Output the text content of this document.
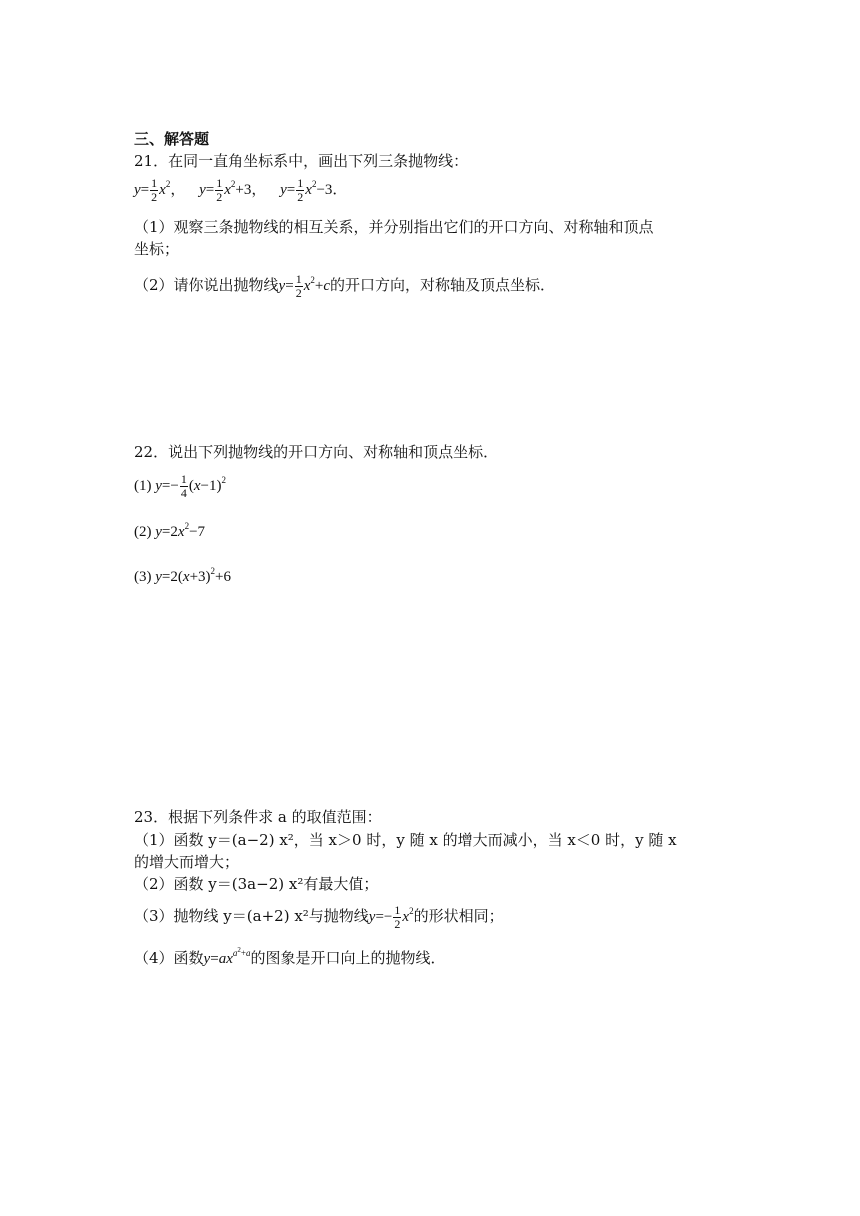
三、解答题
21．在同一直角坐标系中，画出下列三条抛物线：
$y= \frac{1}{2} x^2$， $y= \frac{1}{2} x^2+3$， $y= \frac{1}{2} x^2-3$．
（1）观察三条抛物线的相互关系，并分别指出它们的开口方向、对称轴和顶点
坐标；
（2）请你说出抛物线$y= \frac{1}{2} x^2+c$的开口方向，对称轴及顶点坐标．
22．说出下列抛物线的开口方向、对称轴和顶点坐标．
(1) $y=- \frac{1}{4} (x-1)^2$
(2) $y=2x^2-7$
(3) $y=2(x+3)^2+6$
23．根据下列条件求 a 的取值范围：
（1）函数 y＝(a−2) x²，当 x＞0 时，y 随 x 的增大而减小，当 x＜0 时，y 随 x
的增大而增大；
（2）函数 y＝(3a−2) x²有最大值；
（3）抛物线 y＝(a+2) x²与抛物线$y=- \frac{1}{2} x^2$的形状相同；
（4）函数$y=ax^{a^2+a}$的图象是开口向上的抛物线．
